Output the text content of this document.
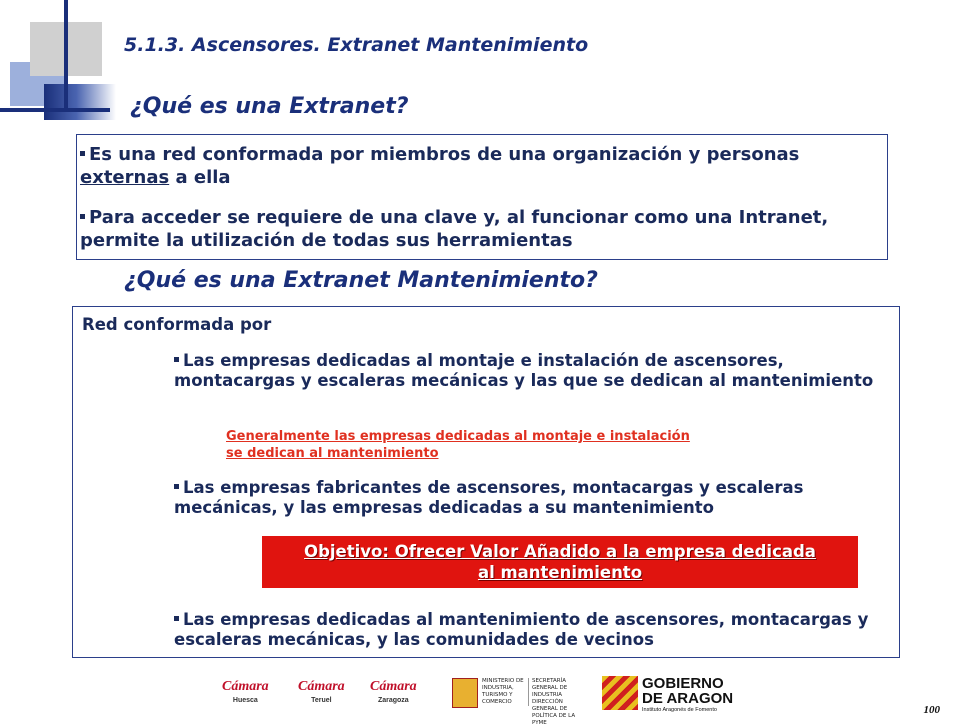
5.1.3. Ascensores. Extranet Mantenimiento
¿Qué es una Extranet?
Es una red conformada por miembros de una organización y personas externas a ella
Para acceder se requiere de una clave y, al funcionar como una Intranet, permite la utilización de todas sus herramientas
¿Qué es una Extranet Mantenimiento?
Red conformada por
Las empresas dedicadas al montaje e instalación de ascensores, montacargas y escaleras mecánicas y las que se dedican al mantenimiento
Generalmente las empresas dedicadas al montaje e instalación
se dedican al mantenimiento
Las empresas fabricantes de ascensores, montacargas y escaleras mecánicas, y las empresas dedicadas a su mantenimiento
Objetivo: Ofrecer Valor Añadido a la empresa dedicada
al mantenimiento
Las empresas dedicadas al mantenimiento de ascensores, montacargas y escaleras mecánicas, y las comunidades de vecinos
Cámara
Huesca
Cámara
Teruel
Cámara
Zaragoza
MINISTERIO DE INDUSTRIA, TURISMO Y COMERCIO
SECRETARÍA GENERAL DE INDUSTRIA DIRECCIÓN GENERAL DE POLÍTICA DE LA PYME
GOBIERNO
DE ARAGON
Instituto Aragonés de Fomento	100
